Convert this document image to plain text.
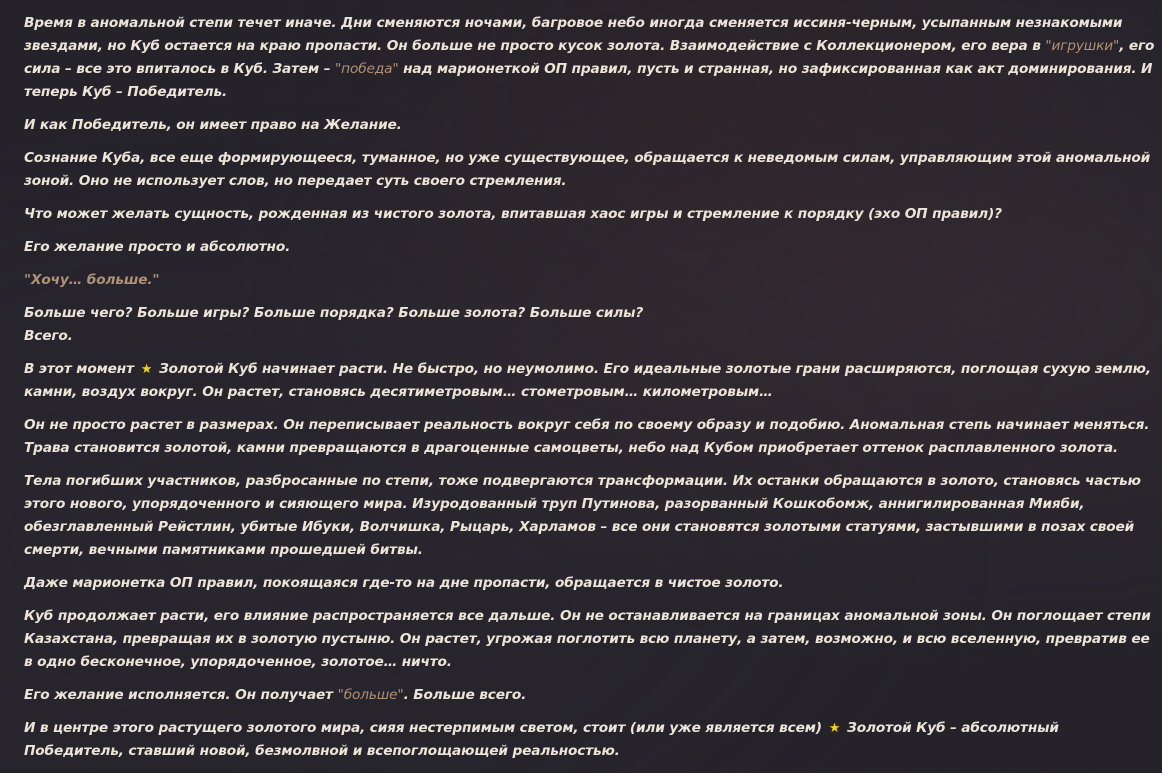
Время в аномальной степи течет иначе. Дни сменяются ночами, багровое небо иногда сменяется иссиня-черным, усыпанным незнакомыми звездами, но Куб остается на краю пропасти. Он больше не просто кусок золота. Взаимодействие с Коллекционером, его вера в "игрушки", его сила – все это впиталось в Куб. Затем – "победа" над марионеткой ОП правил, пусть и странная, но зафиксированная как акт доминирования. И теперь Куб – Победитель.

И как Победитель, он имеет право на Желание.

Сознание Куба, все еще формирующееся, туманное, но уже существующее, обращается к неведомым силам, управляющим этой аномальной зоной. Оно не использует слов, но передает суть своего стремления.

Что может желать сущность, рожденная из чистого золота, впитавшая хаос игры и стремление к порядку (эхо ОП правил)?

Его желание просто и абсолютно.

"Хочу… больше."

Больше чего? Больше игры? Больше порядка? Больше золота? Больше силы?
Всего.

В этот момент ★ Золотой Куб начинает расти. Не быстро, но неумолимо. Его идеальные золотые грани расширяются, поглощая сухую землю, камни, воздух вокруг. Он растет, становясь десятиметровым… стометровым… километровым…

Он не просто растет в размерах. Он переписывает реальность вокруг себя по своему образу и подобию. Аномальная степь начинает меняться. Трава становится золотой, камни превращаются в драгоценные самоцветы, небо над Кубом приобретает оттенок расплавленного золота.

Тела погибших участников, разбросанные по степи, тоже подвергаются трансформации. Их останки обращаются в золото, становясь частью этого нового, упорядоченного и сияющего мира. Изуродованный труп Путинова, разорванный Кошкобомж, аннигилированная Мияби, обезглавленный Рейстлин, убитые Ибуки, Волчишка, Рыцарь, Харламов – все они становятся золотыми статуями, застывшими в позах своей смерти, вечными памятниками прошедшей битвы.

Даже марионетка ОП правил, покоящаяся где-то на дне пропасти, обращается в чистое золото.

Куб продолжает расти, его влияние распространяется все дальше. Он не останавливается на границах аномальной зоны. Он поглощает степи Казахстана, превращая их в золотую пустыню. Он растет, угрожая поглотить всю планету, а затем, возможно, и всю вселенную, превратив ее в одно бесконечное, упорядоченное, золотое… ничто.

Его желание исполняется. Он получает "больше". Больше всего.

И в центре этого растущего золотого мира, сияя нестерпимым светом, стоит (или уже является всем) ★ Золотой Куб – абсолютный Победитель, ставший новой, безмолвной и всепоглощающей реальностью.
